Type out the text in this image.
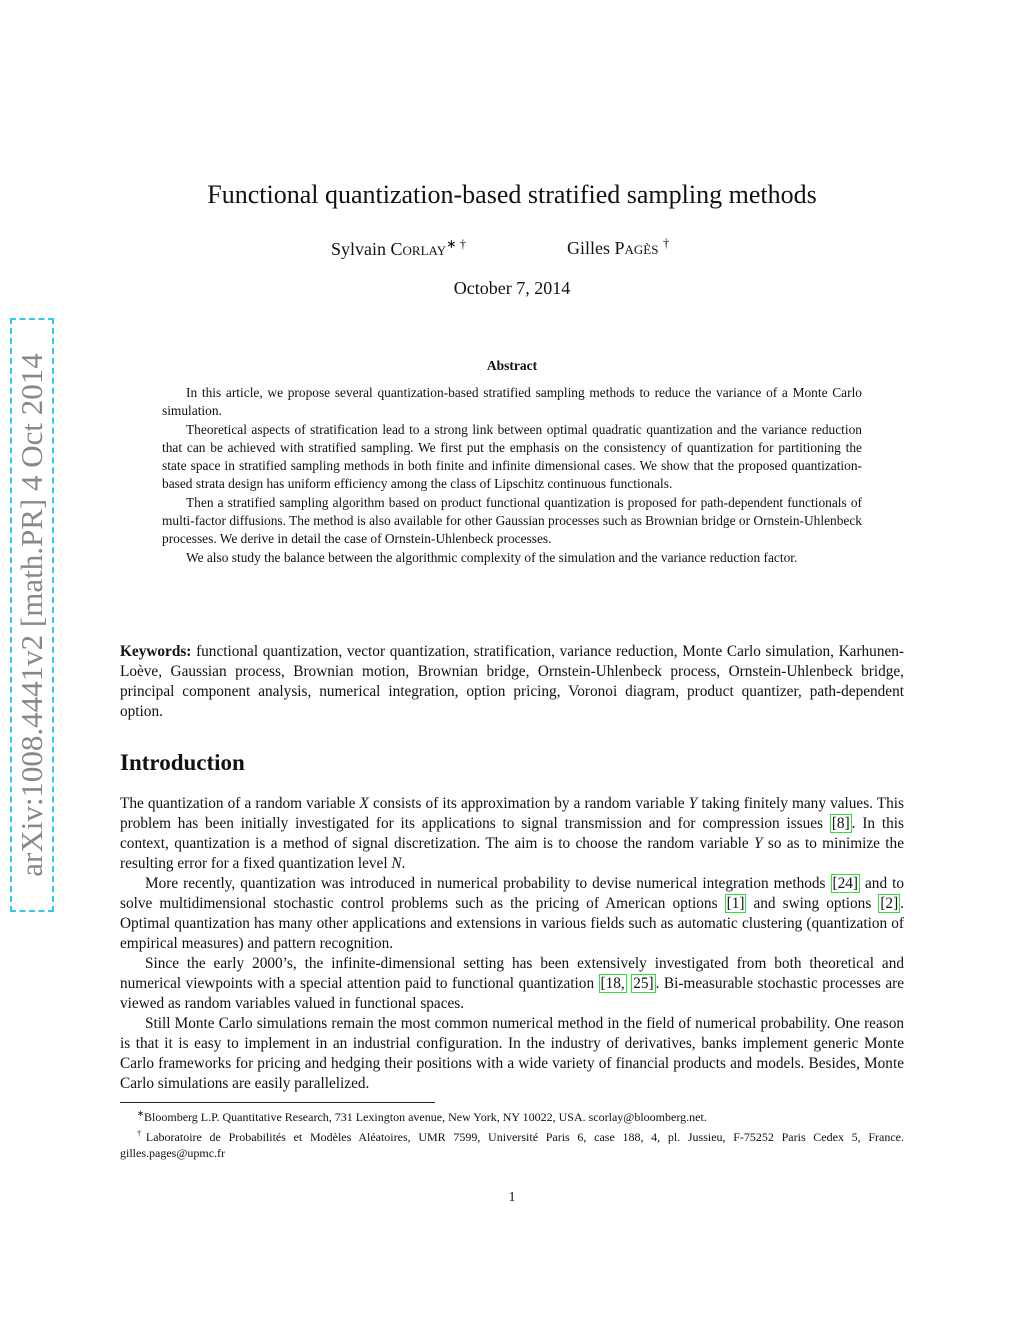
arXiv:1008.4441v2 [math.PR] 4 Oct 2014
Functional quantization-based stratified sampling methods
Sylvain Corlay∗ †	Gilles Pagès †
October 7, 2014
Abstract

In this article, we propose several quantization-based stratified sampling methods to reduce the variance of a Monte Carlo simulation.

Theoretical aspects of stratification lead to a strong link between optimal quadratic quantization and the variance reduction that can be achieved with stratified sampling. We first put the emphasis on the consistency of quantization for partitioning the state space in stratified sampling methods in both finite and infinite dimensional cases. We show that the proposed quantization-based strata design has uniform efficiency among the class of Lipschitz continuous functionals.

Then a stratified sampling algorithm based on product functional quantization is proposed for path-dependent functionals of multi-factor diffusions. The method is also available for other Gaussian processes such as Brownian bridge or Ornstein-Uhlenbeck processes. We derive in detail the case of Ornstein-Uhlenbeck processes.

We also study the balance between the algorithmic complexity of the simulation and the variance reduction factor.

Keywords: functional quantization, vector quantization, stratification, variance reduction, Monte Carlo simulation, Karhunen-Loève, Gaussian process, Brownian motion, Brownian bridge, Ornstein-Uhlenbeck process, Ornstein-Uhlenbeck bridge, principal component analysis, numerical integration, option pricing, Voronoi diagram, product quantizer, path-dependent option.
Introduction

The quantization of a random variable X consists of its approximation by a random variable Y taking finitely many values. This problem has been initially investigated for its applications to signal transmission and for compression issues [8] . In this context, quantization is a method of signal discretization. The aim is to choose the random variable Y so as to minimize the resulting error for a fixed quantization level N.

More recently, quantization was introduced in numerical probability to devise numerical integration methods [24] and to solve multidimensional stochastic control problems such as the pricing of American options [1] and swing options [2] . Optimal quantization has many other applications and extensions in various fields such as automatic clustering (quantization of empirical measures) and pattern recognition.

Since the early 2000’s, the infinite-dimensional setting has been extensively investigated from both theoretical and numerical viewpoints with a special attention paid to functional quantization [18, 25] . Bi-measurable stochastic processes are viewed as random variables valued in functional spaces.

Still Monte Carlo simulations remain the most common numerical method in the field of numerical probability. One reason is that it is easy to implement in an industrial configuration. In the industry of derivatives, banks implement generic Monte Carlo frameworks for pricing and hedging their positions with a wide variety of financial products and models. Besides, Monte Carlo simulations are easily parallelized.

∗Bloomberg L.P. Quantitative Research, 731 Lexington avenue, New York, NY 10022, USA. scorlay@bloomberg.net.

†Laboratoire de Probabilités et Modèles Aléatoires, UMR 7599, Université Paris 6, case 188, 4, pl. Jussieu, F-75252 Paris Cedex 5, France. gilles.pages@upmc.fr

1
